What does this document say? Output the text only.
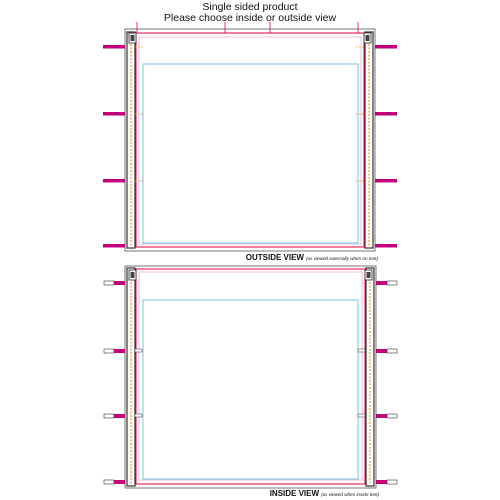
Single sided product
Please choose inside or outside view
OUTSIDE VIEW (as viewed externally when on tent)
INSIDE VIEW (as viewed when inside tent)
